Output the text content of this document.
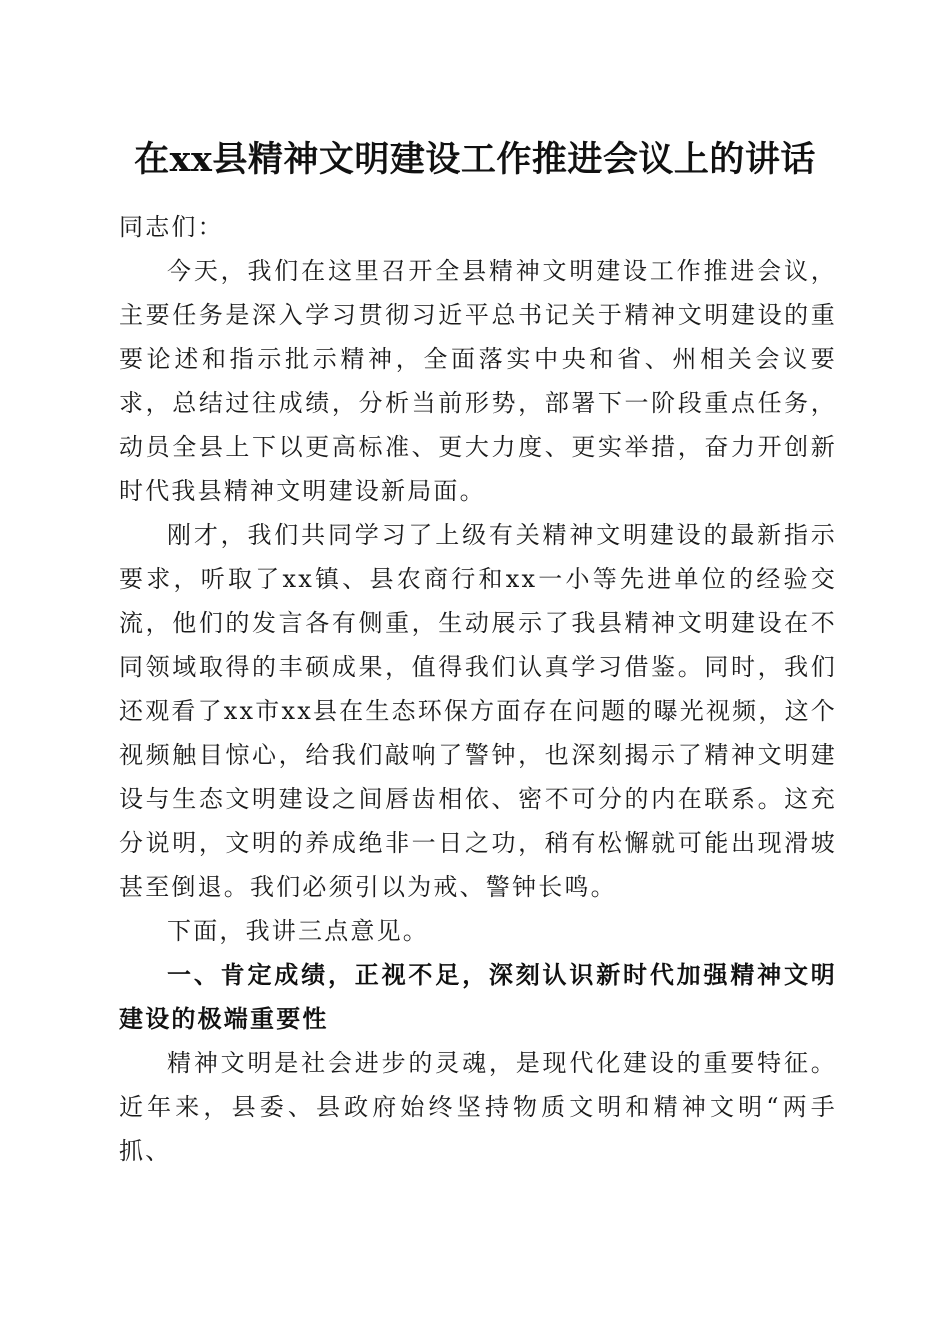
在xx县精神文明建设工作推进会议上的讲话

同志们：

今天，我们在这里召开全县精神文明建设工作推进会议，主要任务是深入学习贯彻习近平总书记关于精神文明建设的重要论述和指示批示精神，全面落实中央和省、州相关会议要求，总结过往成绩，分析当前形势，部署下一阶段重点任务，动员全县上下以更高标准、更大力度、更实举措，奋力开创新时代我县精神文明建设新局面。

刚才，我们共同学习了上级有关精神文明建设的最新指示要求，听取了xx镇、县农商行和xx一小等先进单位的经验交流，他们的发言各有侧重，生动展示了我县精神文明建设在不同领域取得的丰硕成果，值得我们认真学习借鉴。同时，我们还观看了xx市xx县在生态环保方面存在问题的曝光视频，这个视频触目惊心，给我们敲响了警钟，也深刻揭示了精神文明建设与生态文明建设之间唇齿相依、密不可分的内在联系。这充分说明，文明的养成绝非一日之功，稍有松懈就可能出现滑坡甚至倒退。我们必须引以为戒、警钟长鸣。

下面，我讲三点意见。

一、肯定成绩，正视不足，深刻认识新时代加强精神文明建设的极端重要性

精神文明是社会进步的灵魂，是现代化建设的重要特征。近年来，县委、县政府始终坚持物质文明和精神文明“两手抓、
